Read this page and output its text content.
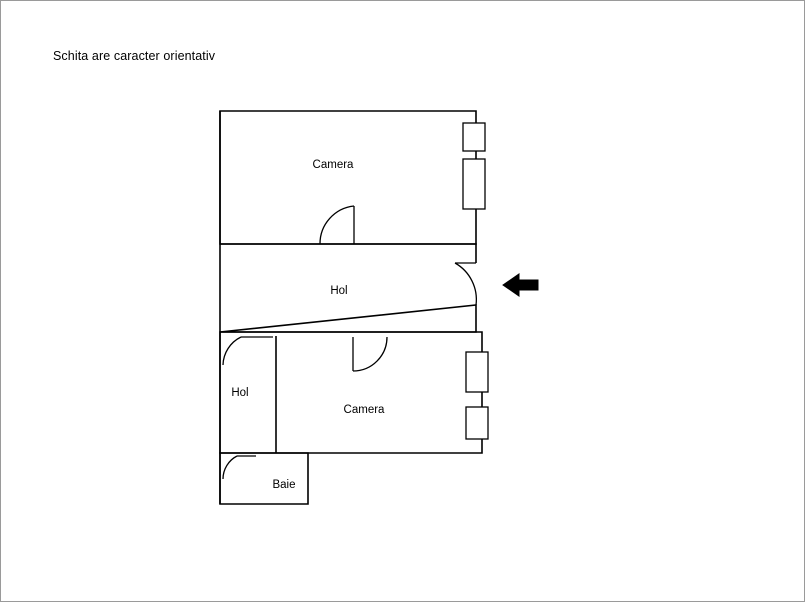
Schita are caracter orientativ
Camera
Hol
Hol
Camera
Baie
